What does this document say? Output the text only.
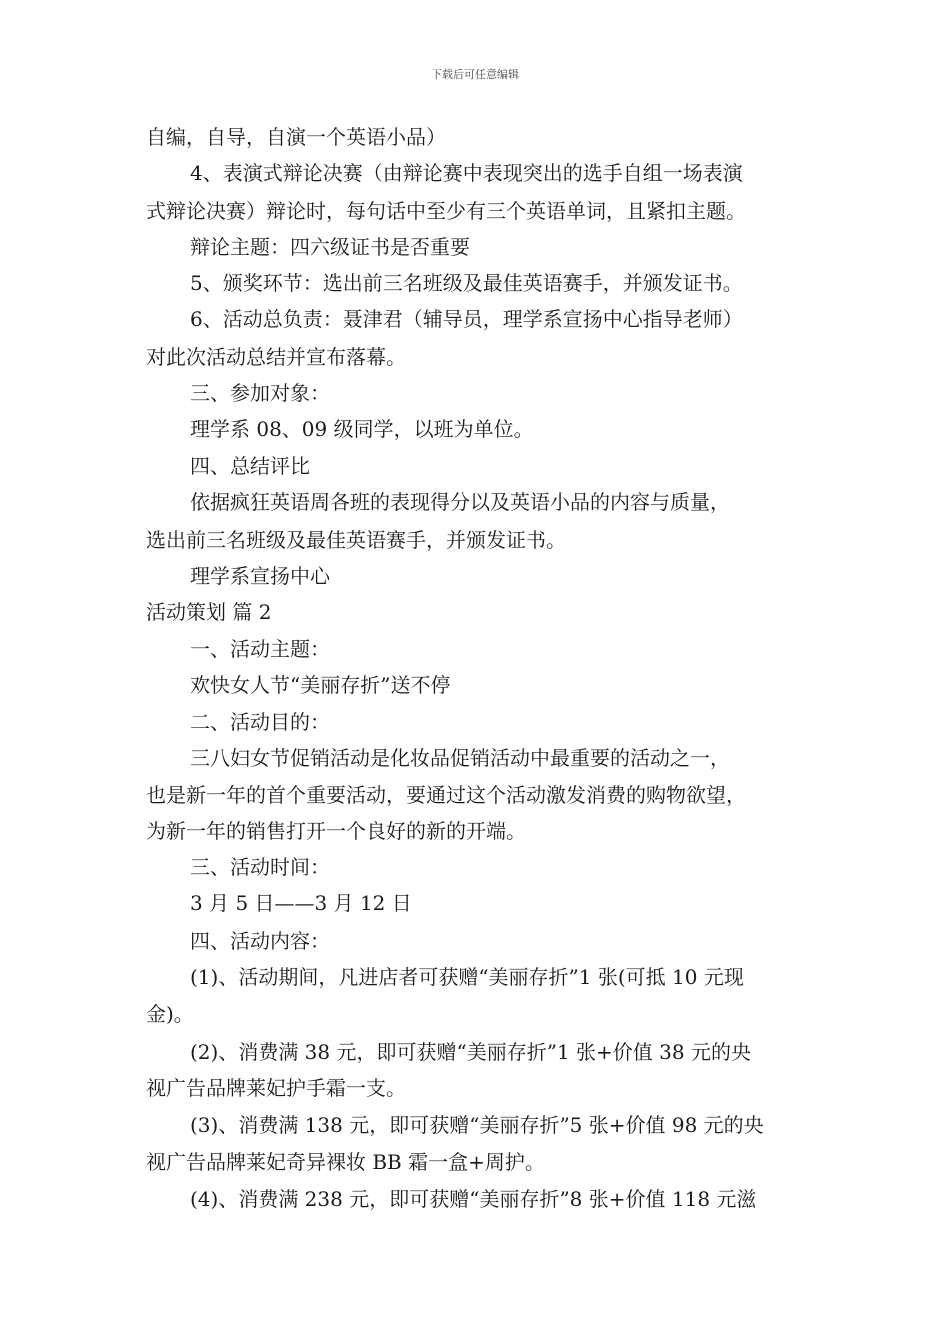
下载后可任意编辑
自编，自导，自演一个英语小品）
4、表演式辩论决赛（由辩论赛中表现突出的选手自组一场表演
式辩论决赛）辩论时，每句话中至少有三个英语单词，且紧扣主题。
辩论主题：四六级证书是否重要
5、颁奖环节：选出前三名班级及最佳英语赛手，并颁发证书。
6、活动总负责：聂津君（辅导员，理学系宣扬中心指导老师）
对此次活动总结并宣布落幕。
三、参加对象：
理学系 08、09 级同学，以班为单位。
四、总结评比
依据疯狂英语周各班的表现得分以及英语小品的内容与质量，
选出前三名班级及最佳英语赛手，并颁发证书。
理学系宣扬中心
活动策划 篇 2
一、活动主题：
欢快女人节“美丽存折”送不停
二、活动目的：
三八妇女节促销活动是化妆品促销活动中最重要的活动之一，
也是新一年的首个重要活动，要通过这个活动激发消费的购物欲望，
为新一年的销售打开一个良好的新的开端。
三、活动时间：
3 月 5 日——3 月 12 日
四、活动内容：
(1)、活动期间，凡进店者可获赠“美丽存折”1 张(可抵 10 元现
金)。
(2)、消费满 38 元，即可获赠“美丽存折”1 张+价值 38 元的央
视广告品牌莱妃护手霜一支。
(3)、消费满 138 元，即可获赠“美丽存折”5 张+价值 98 元的央
视广告品牌莱妃奇异裸妆 BB 霜一盒+周护。
(4)、消费满 238 元，即可获赠“美丽存折”8 张+价值 118 元滋
